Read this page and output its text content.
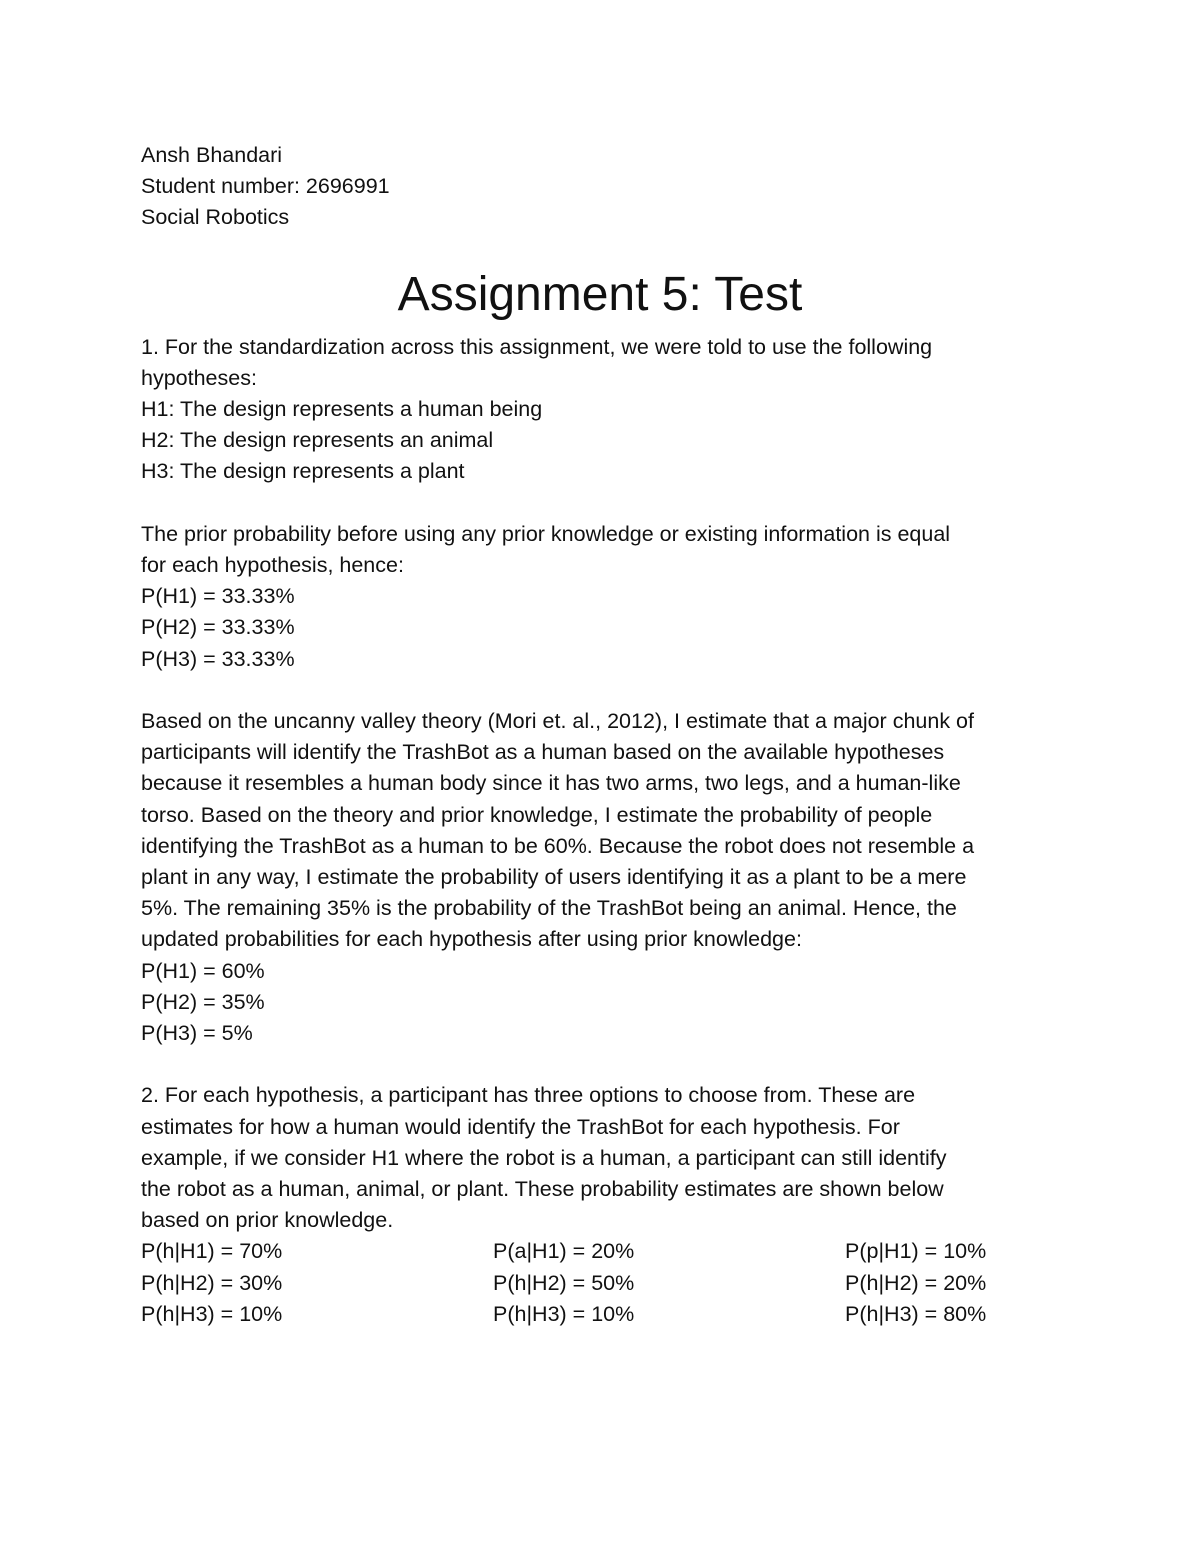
Ansh Bhandari
Student number: 2696991
Social Robotics
Assignment 5: Test
1. For the standardization across this assignment, we were told to use the following
hypotheses:
H1: The design represents a human being
H2: The design represents an animal
H3: The design represents a plant
The prior probability before using any prior knowledge or existing information is equal
for each hypothesis, hence:
P(H1) = 33.33%
P(H2) = 33.33%
P(H3) = 33.33%
Based on the uncanny valley theory (Mori et. al., 2012), I estimate that a major chunk of
participants will identify the TrashBot as a human based on the available hypotheses
because it resembles a human body since it has two arms, two legs, and a human-like
torso. Based on the theory and prior knowledge, I estimate the probability of people
identifying the TrashBot as a human to be 60%. Because the robot does not resemble a
plant in any way, I estimate the probability of users identifying it as a plant to be a mere
5%. The remaining 35% is the probability of the TrashBot being an animal. Hence, the
updated probabilities for each hypothesis after using prior knowledge:
P(H1) = 60%
P(H2) = 35%
P(H3) = 5%
2. For each hypothesis, a participant has three options to choose from. These are
estimates for how a human would identify the TrashBot for each hypothesis. For
example, if we consider H1 where the robot is a human, a participant can still identify
the robot as a human, animal, or plant. These probability estimates are shown below
based on prior knowledge.
P(h|H1) = 70%	P(a|H1) = 20%	P(p|H1) = 10%
P(h|H2) = 30%	P(h|H2) = 50%	P(h|H2) = 20%
P(h|H3) = 10%	P(h|H3) = 10%	P(h|H3) = 80%
